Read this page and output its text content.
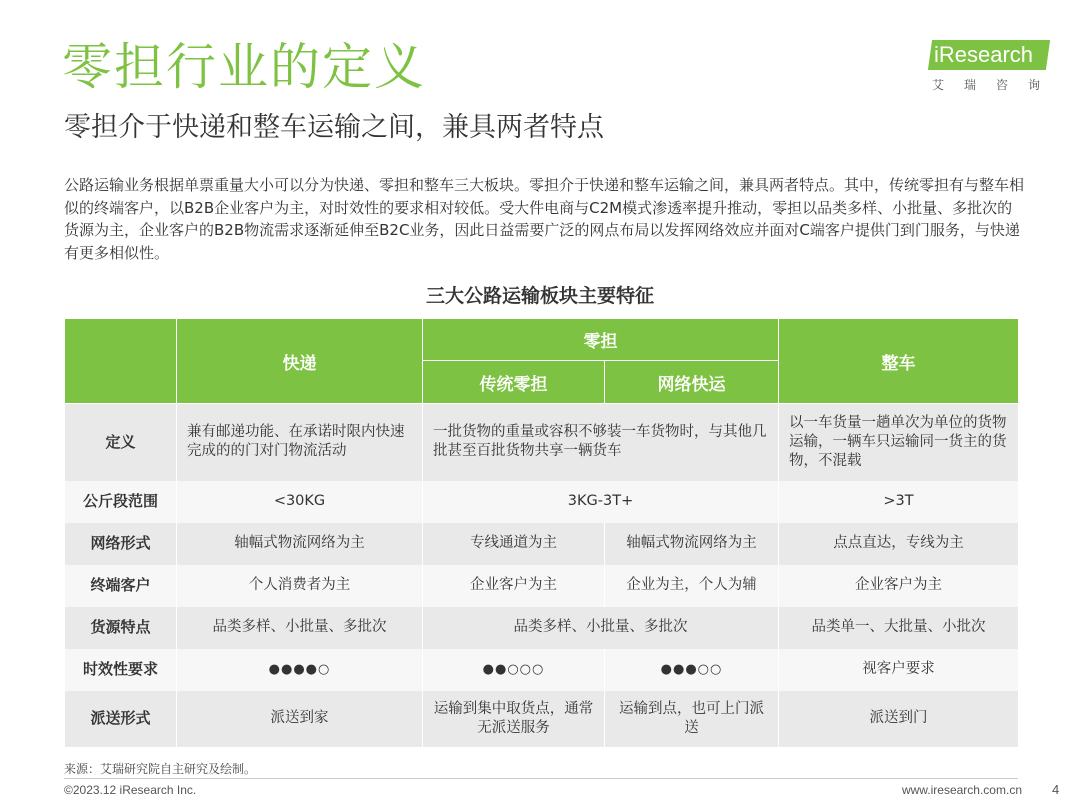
零担行业的定义
零担介于快递和整车运输之间，兼具两者特点
iResearch
艾瑞咨询
公路运输业务根据单票重量大小可以分为快递、零担和整车三大板块。零担介于快递和整车运输之间，兼具两者特点。其中，传统零担有与整车相似的终端客户，以B2B企业客户为主，对时效性的要求相对较低。受大件电商与C2M模式渗透率提升推动，零担以品类多样、小批量、多批次的货源为主，企业客户的B2B物流需求逐渐延伸至B2C业务，因此日益需要广泛的网点布局以发挥网络效应并面对C端客户提供门到门服务，与快递有更多相似性。
三大公路运输板块主要特征
	快递	零担		整车
		传统零担	网络快运	
定义	兼有邮递功能、在承诺时限内快速完成的的门对门物流活动	一批货物的重量或容积不够装一车货物时，与其他几批甚至百批货物共享一辆货车		以一车货量一趟单次为单位的货物运输，一辆车只运输同一货主的货物，不混载
公斤段范围	<30KG	3KG-3T+		>3T
网络形式	轴幅式物流网络为主	专线通道为主	轴幅式物流网络为主	点点直达，专线为主
终端客户	个人消费者为主	企业客户为主	企业为主，个人为辅	企业客户为主
货源特点	品类多样、小批量、多批次	品类多样、小批量、多批次		品类单一、大批量、小批次
时效性要求	●●●●○	●●○○○	●●●○○	视客户要求
派送形式	派送到家	运输到集中取货点，通常无派送服务	运输到点，也可上门派送	派送到门
来源：艾瑞研究院自主研究及绘制。
©2023.12 iResearch Inc.	www.iresearch.com.cn 4
